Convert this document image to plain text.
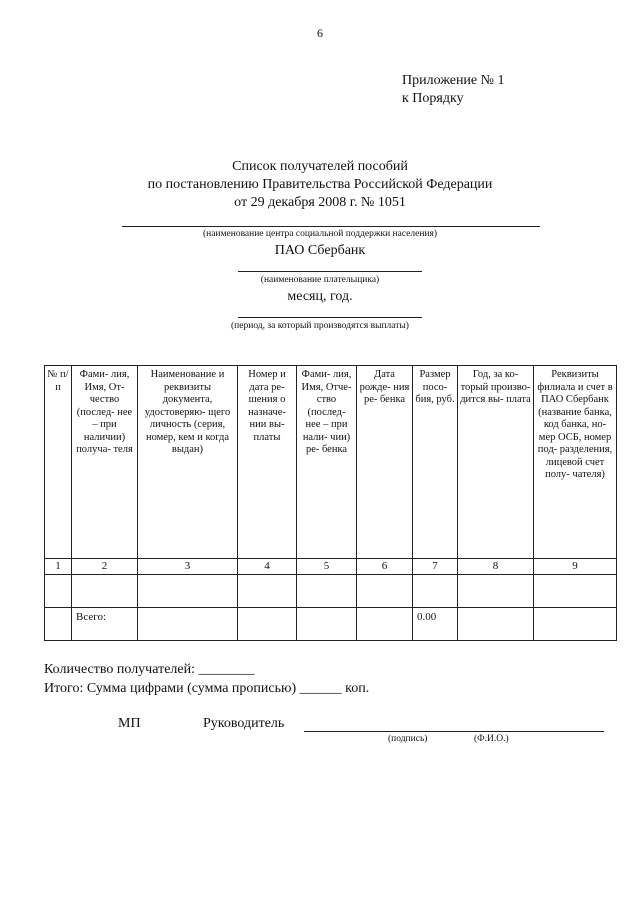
6
Приложение № 1
к Порядку
Список получателей пособий
по постановлению Правительства Российской Федерации
от 29 декабря 2008 г. № 1051
(наименование центра социальной поддержки населения)
ПАО Сбербанк
(наименование плательщика)
месяц, год.
(период, за который производятся выплаты)
№ п/ п	Фами- лия, Имя, От- чество (послед- нее – при наличии) получа- теля	Наименование и реквизиты документа, удостоверяю- щего личность (серия, номер, кем и когда выдан)	Номер и дата ре- шения о назначе- нии вы- платы	Фами- лия, Имя, Отче- ство (послед- нее – при нали- чии) ре- бенка	Дата рожде- ния ре- бенка	Размер посо- бия, руб.	Год, за ко- торый произво- дится вы- плата	Реквизиты филиала и счет в ПАО Сбербанк (название банка, код банка, но- мер ОСБ, номер под- разделения, лицевой счет полу- чателя)
1	2	3	4	5	6	7	8	9

	Всего:					0.00		
Количество получателей: ________
Итого: Сумма цифрами (сумма прописью) ______ коп.
МП	Руководитель
(подпись)	(Ф.И.О.)
